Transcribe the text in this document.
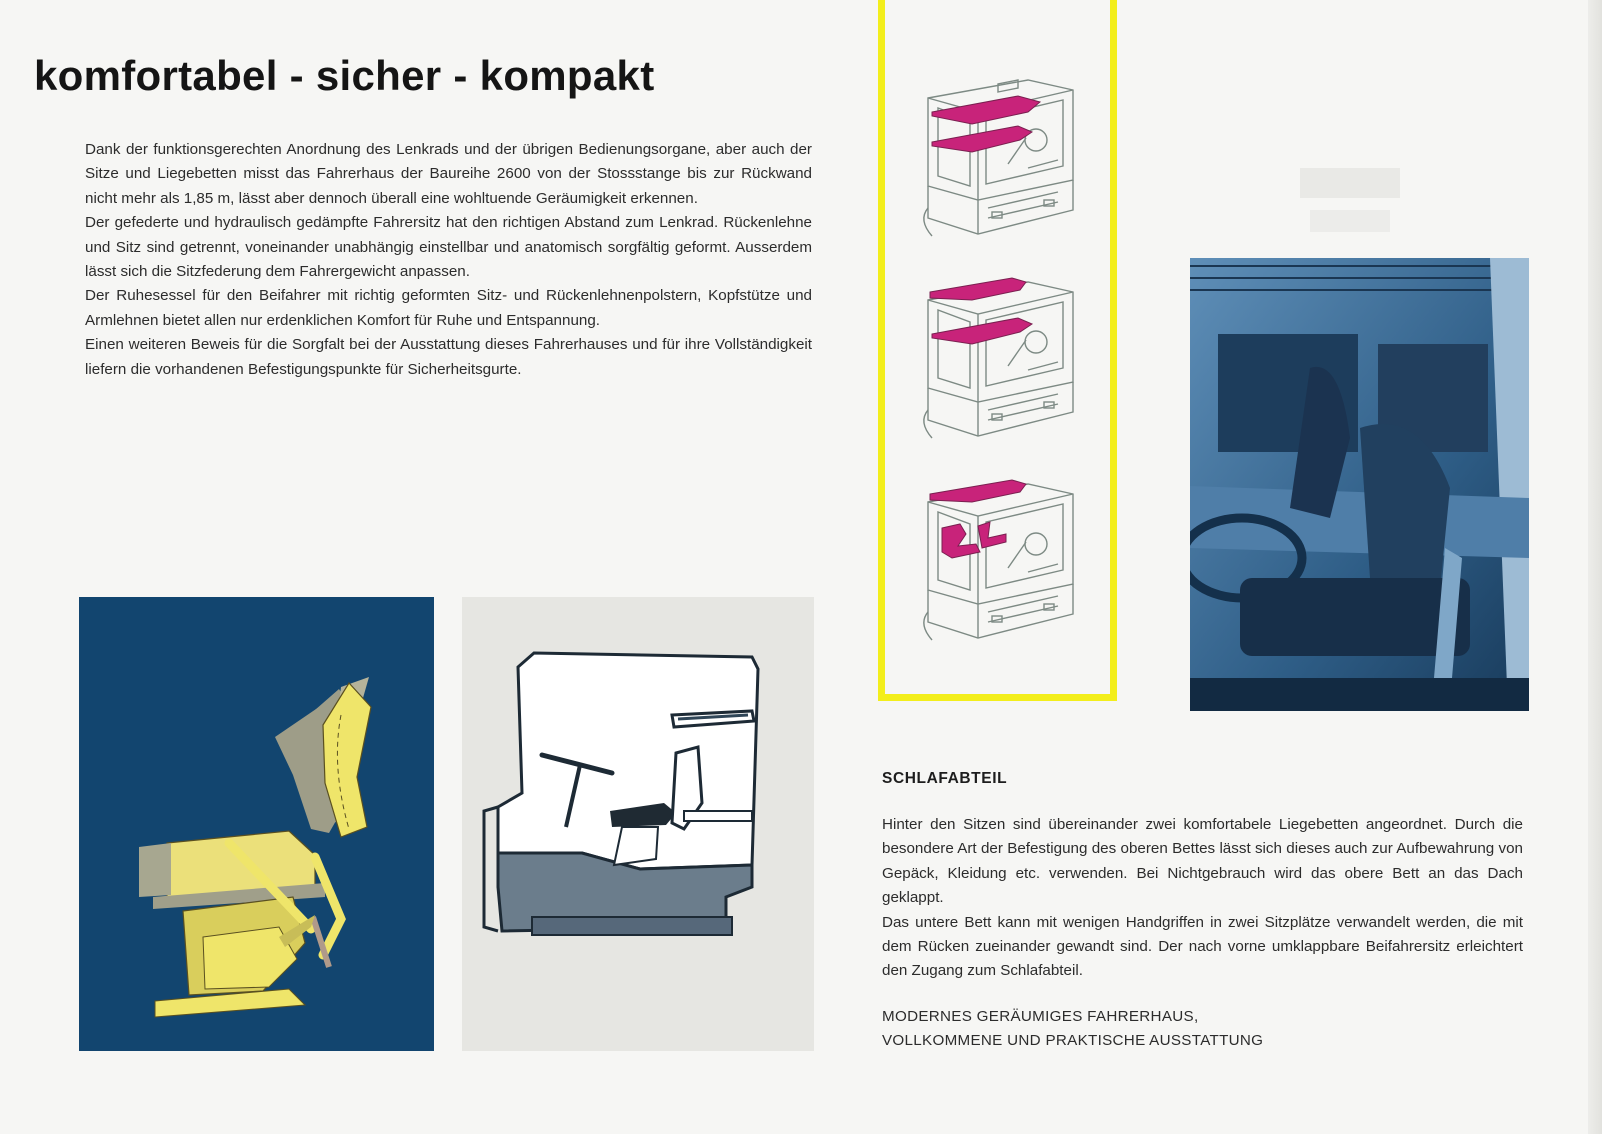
komfortabel - sicher - kompakt

Dank der funktionsgerechten Anordnung des Lenkrads und der übrigen Bedienungsorgane, aber auch der Sitze und Liegebetten misst das Fahrerhaus der Baureihe 2600 von der Stossstange bis zur Rückwand nicht mehr als 1,85 m, lässt aber dennoch überall eine wohltuende Geräumigkeit erkennen.

Der gefederte und hydraulisch gedämpfte Fahrersitz hat den richtigen Abstand zum Lenkrad. Rückenlehne und Sitz sind getrennt, voneinander unabhängig einstellbar und anatomisch sorgfältig geformt. Ausserdem lässt sich die Sitzfederung dem Fahrergewicht anpassen.

Der Ruhesessel für den Beifahrer mit richtig geformten Sitz- und Rückenlehnenpolstern, Kopfstütze und Armlehnen bietet allen nur erdenklichen Komfort für Ruhe und Entspannung.

Einen weiteren Beweis für die Sorgfalt bei der Ausstattung dieses Fahrerhauses und für ihre Vollständigkeit liefern die vorhandenen Befestigungspunkte für Sicherheitsgurte.

SCHLAFABTEIL

Hinter den Sitzen sind übereinander zwei komfortabele Liegebetten angeordnet. Durch die besondere Art der Befestigung des oberen Bettes lässt sich dieses auch zur Aufbewahrung von Gepäck, Kleidung etc. verwenden. Bei Nichtgebrauch wird das obere Bett an das Dach geklappt.

Das untere Bett kann mit wenigen Handgriffen in zwei Sitzplätze verwandelt werden, die mit dem Rücken zueinander gewandt sind. Der nach vorne umklappbare Beifahrersitz erleichtert den Zugang zum Schlafabteil.

MODERNES GERÄUMIGES FAHRERHAUS,
VOLLKOMMENE UND PRAKTISCHE AUSSTATTUNG
